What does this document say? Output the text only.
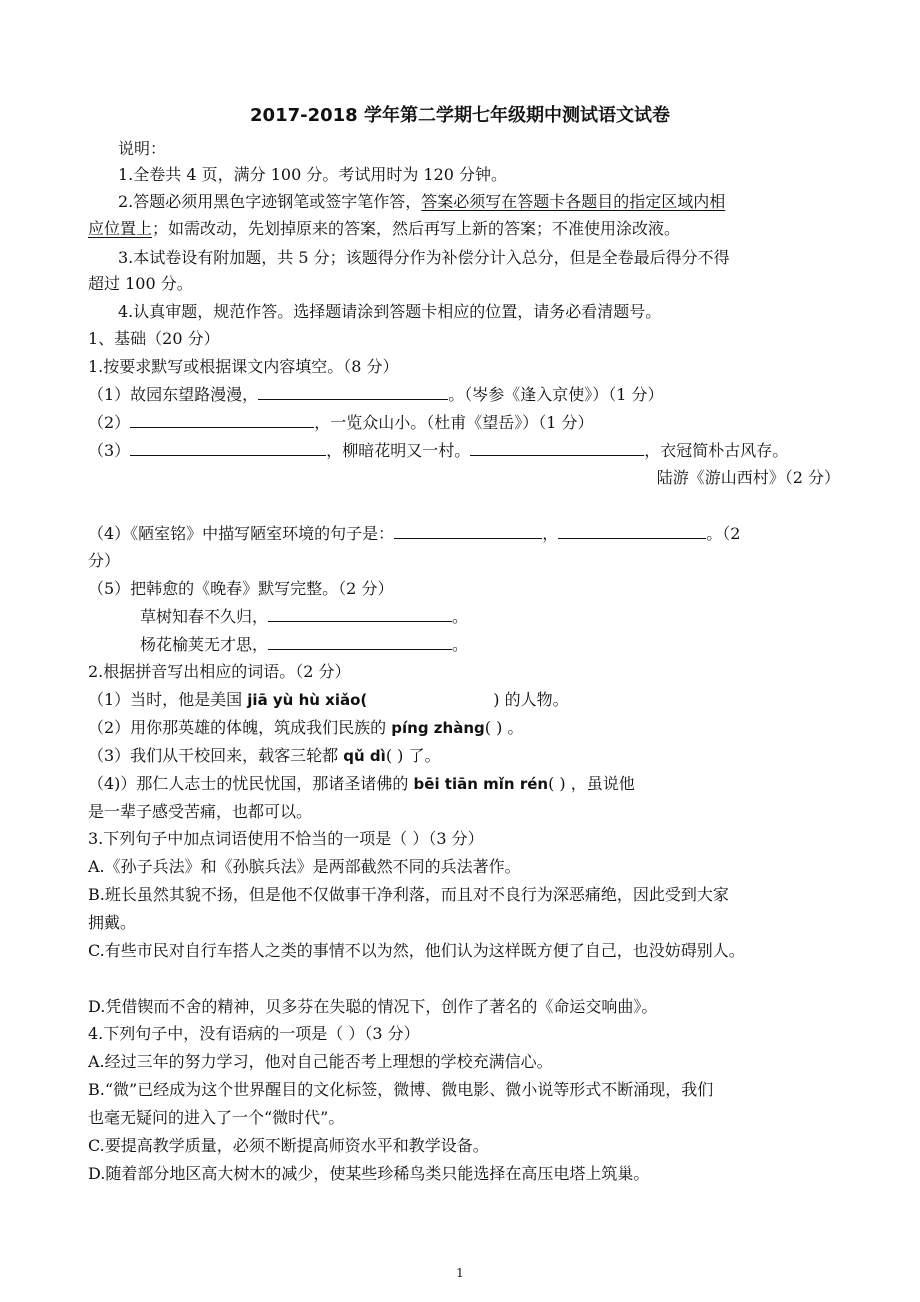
2017-2018 学年第二学期七年级期中测试语文试卷
说明：
1.全卷共 4 页，满分 100 分。考试用时为 120 分钟。
2.答题必须用黑色字迹钢笔或签字笔作答，答案必须写在答题卡各题目的指定区域内相
应位置上；如需改动，先划掉原来的答案，然后再写上新的答案；不准使用涂改液。
3.本试卷设有附加题，共 5 分；该题得分作为补偿分计入总分，但是全卷最后得分不得
超过 100 分。
4.认真审题，规范作答。选择题请涂到答题卡相应的位置，请务必看清题号。
1、基础（20 分）
1.按要求默写或根据课文内容填空。（8 分）
（1）故园东望路漫漫，	。（岑参《逢入京使》）（1 分）
（2）	，一览众山小。（杜甫《望岳》）（1 分）
（3）	，柳暗花明又一村。	，衣冠简朴古风存。
陆游《游山西村》（2 分）
（4）《陋室铭》中描写陋室环境的句子是：	，	。（2
分）
（5）把韩愈的《晚春》默写完整。（2 分）
草树知春不久归，	。
杨花榆荚无才思，	。
2.根据拼音写出相应的词语。（2 分）
（1）当时，他是美国 jiā yù hù xiǎo(	) 的人物。
（2）用你那英雄的体魄，筑成我们民族的 píng zhàng( ) 。
（3）我们从干校回来，载客三轮都 qǔ dì( ) 了。
（4)）那仁人志士的忧民忧国，那诸圣诸佛的 bēi tiān mǐn rén( ) ，虽说他
是一辈子感受苦痛，也都可以。
3.下列句子中加点词语使用不恰当的一项是（ ）（3 分）
A.《孙子兵法》和《孙膑兵法》是两部截然不同的兵法著作。
B.班长虽然其貌不扬，但是他不仅做事干净利落，而且对不良行为深恶痛绝，因此受到大家
拥戴。
C.有些市民对自行车搭人之类的事情不以为然，他们认为这样既方便了自己，也没妨碍别人。
D.凭借锲而不舍的精神，贝多芬在失聪的情况下，创作了著名的《命运交响曲》。
4.下列句子中，没有语病的一项是（ ）（3 分）
A.经过三年的努力学习，他对自己能否考上理想的学校充满信心。
B.“微”已经成为这个世界醒目的文化标签，微博、微电影、微小说等形式不断涌现，我们
也毫无疑问的进入了一个“微时代”。
C.要提高教学质量，必须不断提高师资水平和教学设备。
D.随着部分地区高大树木的减少，使某些珍稀鸟类只能选择在高压电塔上筑巢。
1
